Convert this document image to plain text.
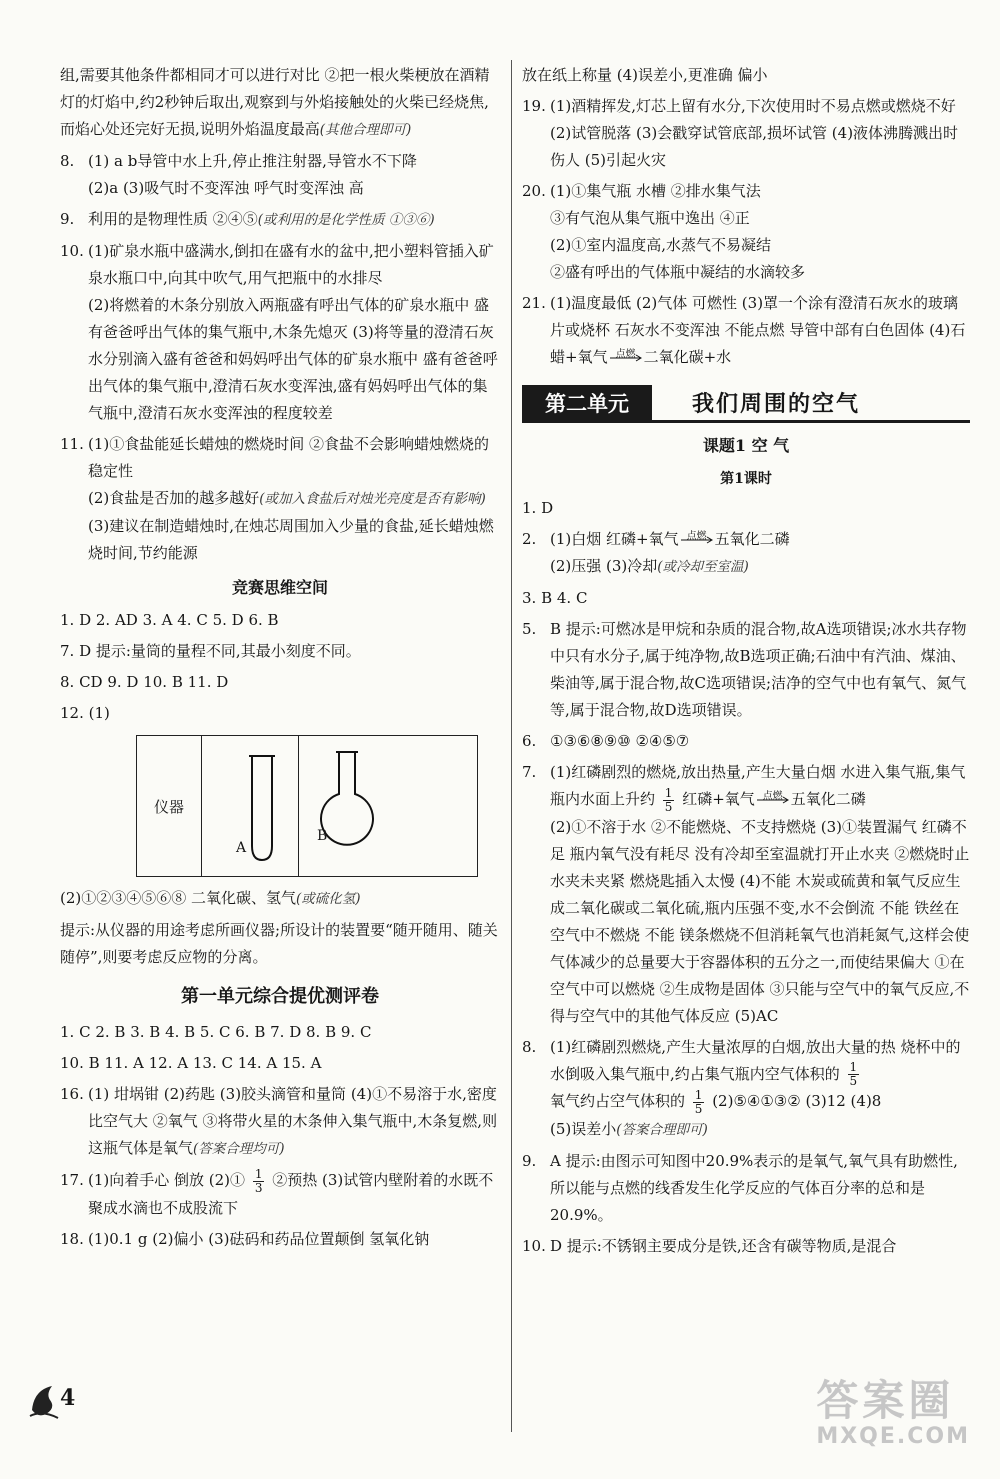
组,需要其他条件都相同才可以进行对比 ②把一根火柴梗放在酒精灯的灯焰中,约2秒钟后取出,观察到与外焰接触处的火柴已经烧焦,而焰心处还完好无损,说明外焰温度最高(其他合理即可)
8. (1) a b导管中水上升,停止推注射器,导管水不下降
(2)a (3)吸气时不变浑浊 呼气时变浑浊 高
9. 利用的是物理性质 ②④⑤(或利用的是化学性质 ①③⑥)
10. (1)矿泉水瓶中盛满水,倒扣在盛有水的盆中,把小塑料管插入矿泉水瓶口中,向其中吹气,用气把瓶中的水排尽
(2)将燃着的木条分别放入两瓶盛有呼出气体的矿泉水瓶中 盛有爸爸呼出气体的集气瓶中,木条先熄灭 (3)将等量的澄清石灰水分别滴入盛有爸爸和妈妈呼出气体的矿泉水瓶中 盛有爸爸呼出气体的集气瓶中,澄清石灰水变浑浊,盛有妈妈呼出气体的集气瓶中,澄清石灰水变浑浊的程度较差
11. (1)①食盐能延长蜡烛的燃烧时间 ②食盐不会影响蜡烛燃烧的稳定性
(2)食盐是否加的越多越好(或加入食盐后对烛光亮度是否有影响)
(3)建议在制造蜡烛时,在烛芯周围加入少量的食盐,延长蜡烛燃烧时间,节约能源
竞赛思维空间
1. D 2. AD 3. A 4. C 5. D 6. B
7. D 提示:量筒的量程不同,其最小刻度不同。
8. CD 9. D 10. B 11. D
12. (1)
仪器
A
B
(2)①②③④⑤⑥⑧ 二氧化碳、氢气(或硫化氢)
提示:从仪器的用途考虑所画仪器;所设计的装置要“随开随用、随关随停”,则要考虑反应物的分离。
第一单元综合提优测评卷
1. C 2. B 3. B 4. B 5. C 6. B 7. D 8. B 9. C
10. B 11. A 12. A 13. C 14. A 15. A
16. (1) 坩埚钳 (2)药匙 (3)胶头滴管和量筒 (4)①不易溶于水,密度比空气大 ②氧气 ③将带火星的木条伸入集气瓶中,木条复燃,则这瓶气体是氧气(答案合理均可)
17. (1)向着手心 倒放 (2)① $\frac{1}{3}$ ②预热 (3)试管内壁附着的水既不聚成水滴也不成股流下
18. (1)0.1 g (2)偏小 (3)砝码和药品位置颠倒 氢氧化钠
放在纸上称量 (4)误差小,更准确 偏小
19. (1)酒精挥发,灯芯上留有水分,下次使用时不易点燃或燃烧不好 (2)试管脱落 (3)会戳穿试管底部,损坏试管 (4)液体沸腾溅出时伤人 (5)引起火灾
20. (1)①集气瓶 水槽 ②排水集气法
③有气泡从集气瓶中逸出 ④正
(2)①室内温度高,水蒸气不易凝结
②盛有呼出的气体瓶中凝结的水滴较多
21. (1)温度最低 (2)气体 可燃性 (3)罩一个涂有澄清石灰水的玻璃片或烧杯 石灰水不变浑浊 不能点燃 导管中部有白色固体 (4)石蜡+氧气 点燃 二氧化碳+水
第二单元	我们周围的空气
课题1 空 气
第1课时
1. D
2. (1)白烟 红磷+氧气 点燃 五氧化二磷
(2)压强 (3)冷却(或冷却至室温)
3. B 4. C
5. B 提示:可燃冰是甲烷和杂质的混合物,故A选项错误;冰水共存物中只有水分子,属于纯净物,故B选项正确;石油中有汽油、煤油、柴油等,属于混合物,故C选项错误;洁净的空气中也有氧气、氮气等,属于混合物,故D选项错误。
6. ①③⑥⑧⑨⑩ ②④⑤⑦
7. (1)红磷剧烈的燃烧,放出热量,产生大量白烟 水进入集气瓶,集气瓶内水面上升约 $\frac{1}{5}$ 红磷+氧气 点燃 五氧化二磷
(2)①不溶于水 ②不能燃烧、不支持燃烧 (3)①装置漏气 红磷不足 瓶内氧气没有耗尽 没有冷却至室温就打开止水夹 ②燃烧时止水夹未夹紧 燃烧匙插入太慢 (4)不能 木炭或硫黄和氧气反应生成二氧化碳或二氧化硫,瓶内压强不变,水不会倒流 不能 铁丝在空气中不燃烧 不能 镁条燃烧不但消耗氧气也消耗氮气,这样会使气体减少的总量要大于容器体积的五分之一,而使结果偏大 ①在空气中可以燃烧 ②生成物是固体 ③只能与空气中的氧气反应,不得与空气中的其他气体反应 (5)AC
8. (1)红磷剧烈燃烧,产生大量浓厚的白烟,放出大量的热 烧杯中的水倒吸入集气瓶中,约占集气瓶内空气体积的 $\frac{1}{5}$

氧气约占空气体积的 $\frac{1}{5}$ (2)⑤④①③② (3)12 (4)8
(5)误差小(答案合理即可)
9. A 提示:由图示可知图中20.9%表示的是氧气,氧气具有助燃性,所以能与点燃的线香发生化学反应的气体百分率的总和是20.9%。
10. D 提示:不锈钢主要成分是铁,还含有碳等物质,是混合
4	答案圈
MXQE.COM
